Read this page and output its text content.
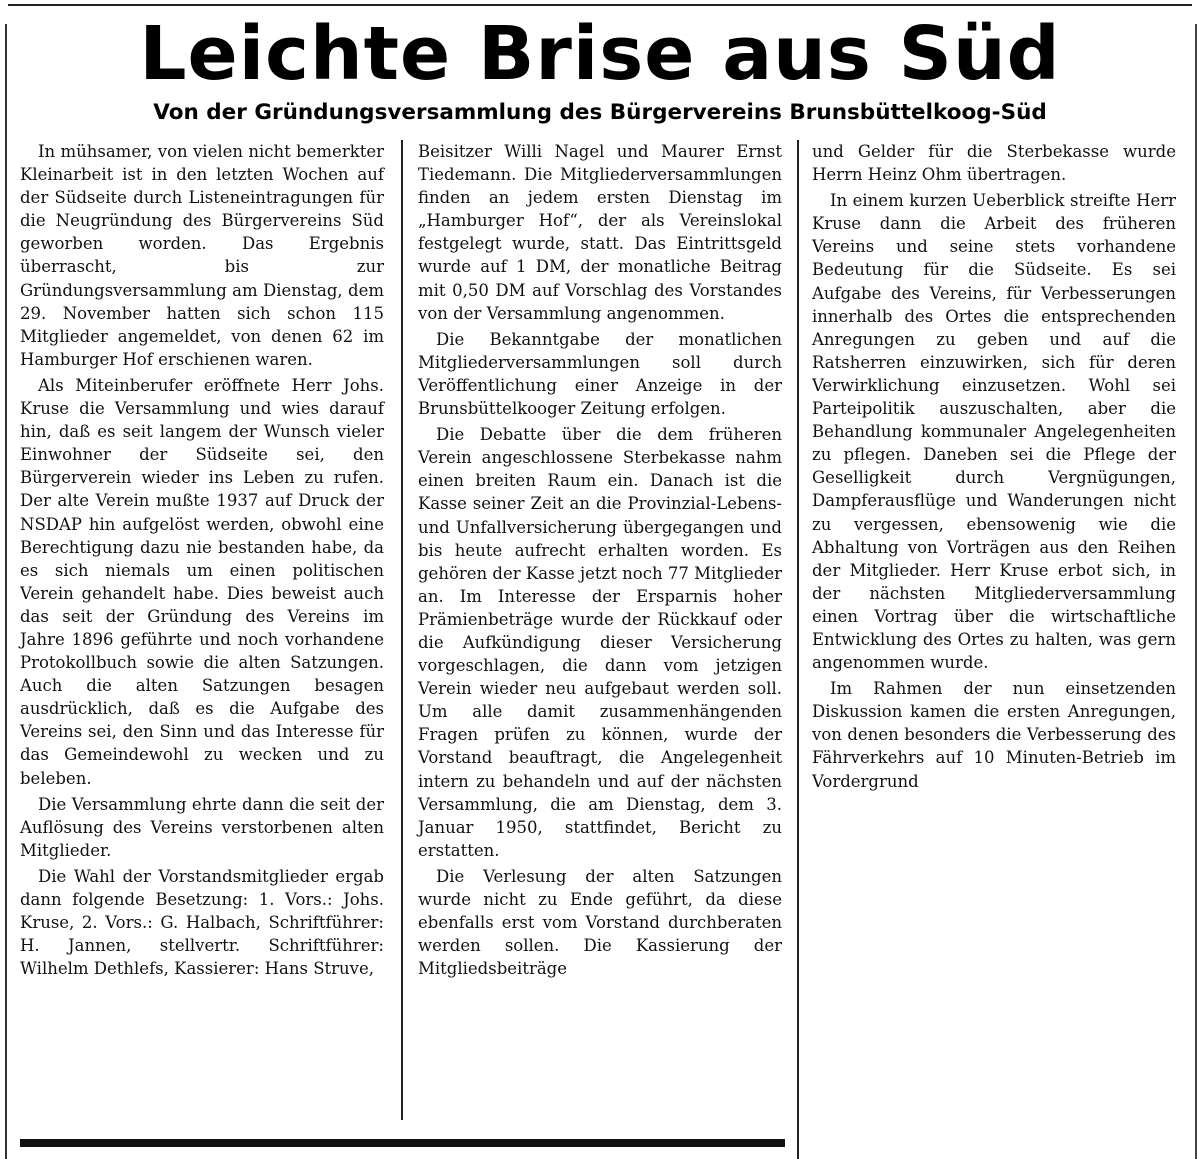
Leichte Brise aus Süd
Von der Gründungsversammlung des Bürgervereins Brunsbüttelkoog-Süd

In mühsamer, von vielen nicht bemerkter Kleinarbeit ist in den letzten Wochen auf der Südseite durch Listeneintragungen für die Neugründung des Bürgervereins Süd geworben worden. Das Ergebnis überrascht, bis zur Gründungsversammlung am Dienstag, dem 29. November hatten sich schon 115 Mitglieder angemeldet, von denen 62 im Hamburger Hof erschienen waren.

Als Miteinberufer eröffnete Herr Johs. Kruse die Versammlung und wies darauf hin, daß es seit langem der Wunsch vieler Einwohner der Südseite sei, den Bürgerverein wieder ins Leben zu rufen. Der alte Verein mußte 1937 auf Druck der NSDAP hin aufgelöst werden, obwohl eine Berechtigung dazu nie bestanden habe, da es sich niemals um einen politischen Verein gehandelt habe. Dies beweist auch das seit der Gründung des Vereins im Jahre 1896 geführte und noch vorhandene Protokollbuch sowie die alten Satzungen. Auch die alten Satzungen besagen ausdrücklich, daß es die Aufgabe des Vereins sei, den Sinn und das Interesse für das Gemeindewohl zu wecken und zu beleben.

Die Versammlung ehrte dann die seit der Auflösung des Vereins verstorbenen alten Mitglieder.

Die Wahl der Vorstandsmitglieder ergab dann folgende Besetzung: 1. Vors.: Johs. Kruse, 2. Vors.: G. Halbach, Schriftführer: H. Jannen, stellvertr. Schriftführer: Wilhelm Dethlefs, Kassierer: Hans Struve,

Beisitzer Willi Nagel und Maurer Ernst Tiedemann. Die Mitgliederversammlungen finden an jedem ersten Dienstag im „Hamburger Hof“, der als Vereinslokal festgelegt wurde, statt. Das Eintrittsgeld wurde auf 1 DM, der monatliche Beitrag mit 0,50 DM auf Vorschlag des Vorstandes von der Versammlung angenommen.

Die Bekanntgabe der monatlichen Mitgliederversammlungen soll durch Veröffentlichung einer Anzeige in der Brunsbüttelkooger Zeitung erfolgen.

Die Debatte über die dem früheren Verein angeschlossene Sterbekasse nahm einen breiten Raum ein. Danach ist die Kasse seiner Zeit an die Provinzial-Lebens- und Unfallversicherung übergegangen und bis heute aufrecht erhalten worden. Es gehören der Kasse jetzt noch 77 Mitglieder an. Im Interesse der Ersparnis hoher Prämienbeträge wurde der Rückkauf oder die Aufkündigung dieser Versicherung vorgeschlagen, die dann vom jetzigen Verein wieder neu aufgebaut werden soll. Um alle damit zusammenhängenden Fragen prüfen zu können, wurde der Vorstand beauftragt, die Angelegenheit intern zu behandeln und auf der nächsten Versammlung, die am Dienstag, dem 3. Januar 1950, stattfindet, Bericht zu erstatten.

Die Verlesung der alten Satzungen wurde nicht zu Ende geführt, da diese ebenfalls erst vom Vorstand durchberaten werden sollen. Die Kassierung der Mitgliedsbeiträge

und Gelder für die Sterbekasse wurde Herrn Heinz Ohm übertragen.

In einem kurzen Ueberblick streifte Herr Kruse dann die Arbeit des früheren Vereins und seine stets vorhandene Bedeutung für die Südseite. Es sei Aufgabe des Vereins, für Verbesserungen innerhalb des Ortes die entsprechenden Anregungen zu geben und auf die Ratsherren einzuwirken, sich für deren Verwirklichung einzusetzen. Wohl sei Parteipolitik auszuschalten, aber die Behandlung kommunaler Angelegenheiten zu pflegen. Daneben sei die Pflege der Geselligkeit durch Vergnügungen, Dampferausflüge und Wanderungen nicht zu vergessen, ebensowenig wie die Abhaltung von Vorträgen aus den Reihen der Mitglieder. Herr Kruse erbot sich, in der nächsten Mitgliederversammlung einen Vortrag über die wirtschaftliche Entwicklung des Ortes zu halten, was gern angenommen wurde.

Im Rahmen der nun einsetzenden Diskussion kamen die ersten Anregungen, von denen besonders die Verbesserung des Fährverkehrs auf 10 Minuten-Betrieb im Vordergrund
